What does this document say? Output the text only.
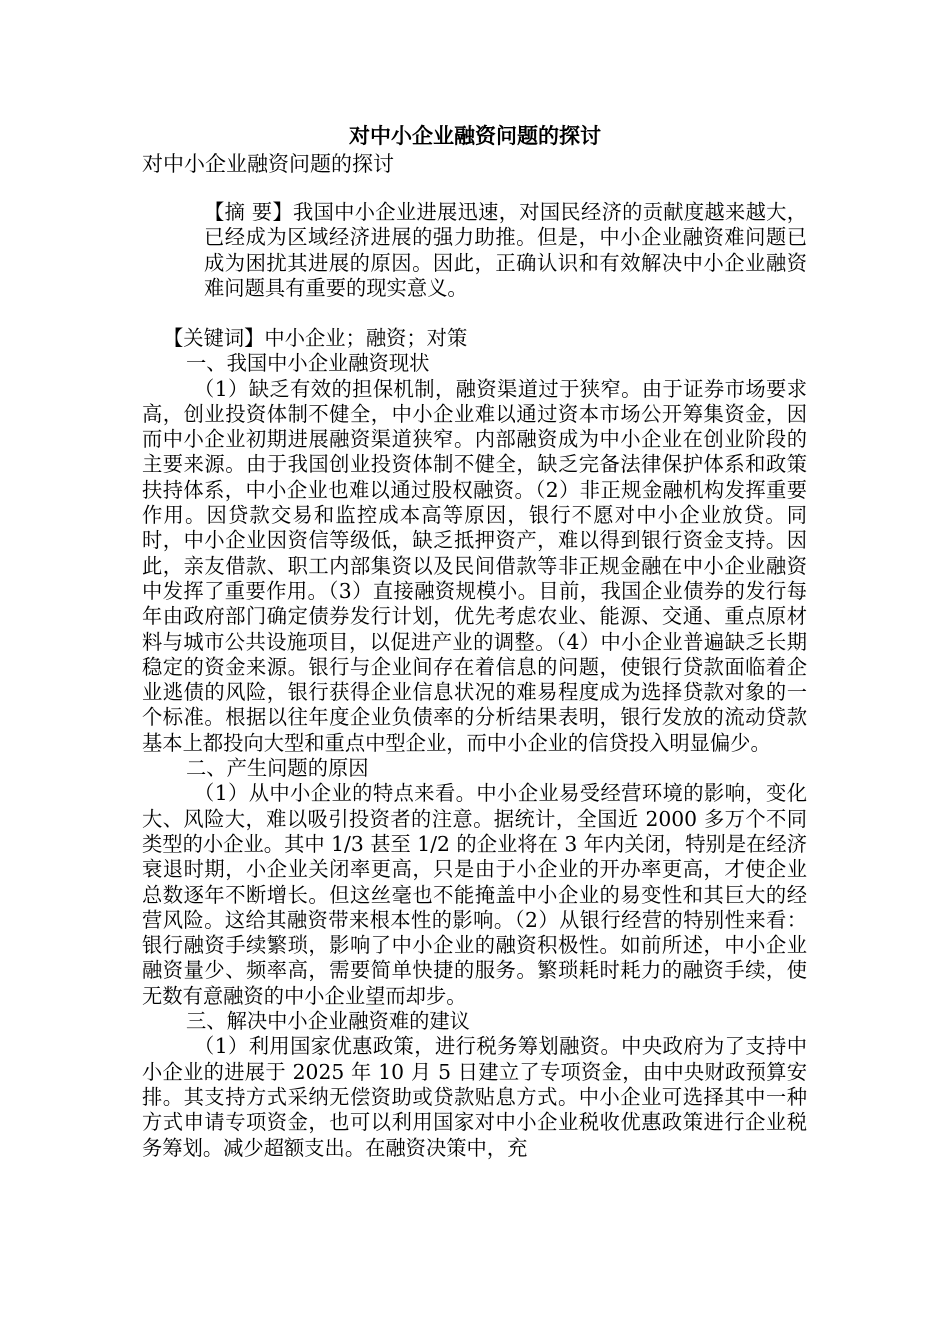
对中小企业融资问题的探讨
对中小企业融资问题的探讨

【摘 要】我国中小企业进展迅速，对国民经济的贡献度越来越大，已经成为区域经济进展的强力助推。但是，中小企业融资难问题已成为困扰其进展的原因。因此，正确认识和有效解决中小企业融资难问题具有重要的现实意义。

【关键词】中小企业；融资；对策

一、我国中小企业融资现状

（1）缺乏有效的担保机制，融资渠道过于狭窄。由于证券市场要求高，创业投资体制不健全，中小企业难以通过资本市场公开筹集资金，因而中小企业初期进展融资渠道狭窄。内部融资成为中小企业在创业阶段的主要来源。由于我国创业投资体制不健全，缺乏完备法律保护体系和政策扶持体系，中小企业也难以通过股权融资。（2）非正规金融机构发挥重要作用。因贷款交易和监控成本高等原因，银行不愿对中小企业放贷。同时，中小企业因资信等级低，缺乏抵押资产，难以得到银行资金支持。因此，亲友借款、职工内部集资以及民间借款等非正规金融在中小企业融资中发挥了重要作用。（3）直接融资规模小。目前，我国企业债券的发行每年由政府部门确定债券发行计划，优先考虑农业、能源、交通、重点原材料与城市公共设施项目，以促进产业的调整。（4）中小企业普遍缺乏长期稳定的资金来源。银行与企业间存在着信息的问题，使银行贷款面临着企业逃债的风险，银行获得企业信息状况的难易程度成为选择贷款对象的一个标准。根据以往年度企业负债率的分析结果表明，银行发放的流动贷款基本上都投向大型和重点中型企业，而中小企业的信贷投入明显偏少。

二、产生问题的原因

（1）从中小企业的特点来看。中小企业易受经营环境的影响，变化大、风险大，难以吸引投资者的注意。据统计，全国近 2000 多万个不同类型的小企业。其中 1/3 甚至 1/2 的企业将在 3 年内关闭，特别是在经济衰退时期，小企业关闭率更高，只是由于小企业的开办率更高，才使企业总数逐年不断增长。但这丝毫也不能掩盖中小企业的易变性和其巨大的经营风险。这给其融资带来根本性的影响。（2）从银行经营的特别性来看：银行融资手续繁琐，影响了中小企业的融资积极性。如前所述，中小企业融资量少、频率高，需要简单快捷的服务。繁琐耗时耗力的融资手续，使无数有意融资的中小企业望而却步。

三、解决中小企业融资难的建议

（1）利用国家优惠政策，进行税务筹划融资。中央政府为了支持中小企业的进展于 2025 年 10 月 5 日建立了专项资金，由中央财政预算安排。其支持方式采纳无偿资助或贷款贴息方式。中小企业可选择其中一种方式申请专项资金，也可以利用国家对中小企业税收优惠政策进行企业税务筹划。减少超额支出。在融资决策中，充
